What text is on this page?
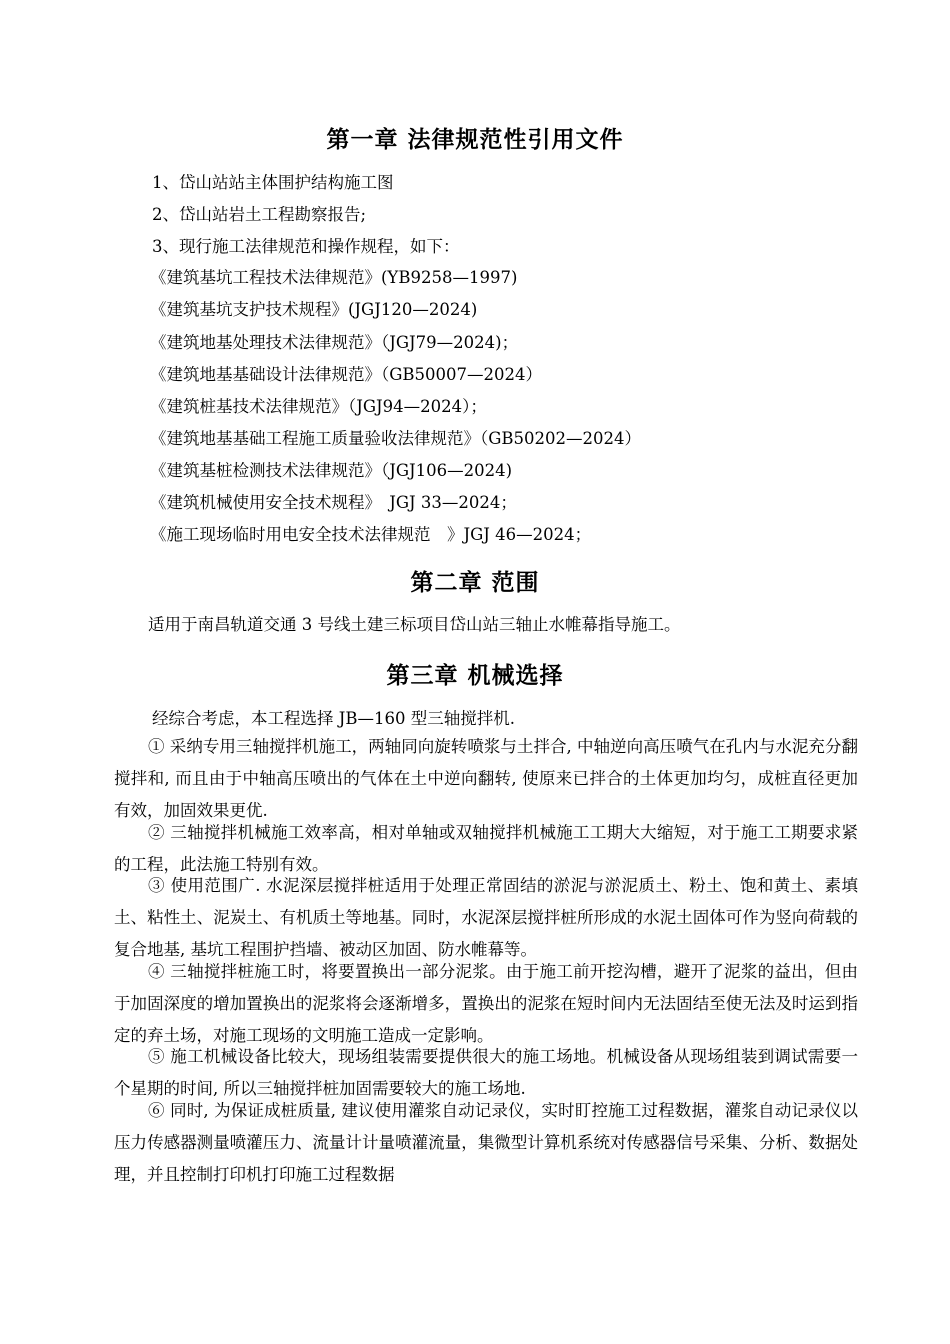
第一章 法律规范性引用文件
1、岱山站站主体围护结构施工图
2、岱山站岩土工程勘察报告;
3、现行施工法律规范和操作规程，如下：
《建筑基坑工程技术法律规范》(YB9258—1997)
《建筑基坑支护技术规程》(JGJ120—2024)
《建筑地基处理技术法律规范》（JGJ79—2024)；
《建筑地基基础设计法律规范》（GB50007—2024）
《建筑桩基技术法律规范》（JGJ94—2024）；
《建筑地基基础工程施工质量验收法律规范》（GB50202—2024）
《建筑基桩检测技术法律规范》（JGJ106—2024)
《建筑机械使用安全技术规程》　JGJ 33—2024；
《施工现场临时用电安全技术法律规范　》JGJ 46—2024；
第二章 范围
适用于南昌轨道交通 3 号线土建三标项目岱山站三轴止水帷幕指导施工。
第三章 机械选择
经综合考虑，本工程选择 JB—160 型三轴搅拌机.
① 采纳专用三轴搅拌机施工，两轴同向旋转喷浆与土拌合, 中轴逆向高压喷气在孔内与水泥充分翻搅拌和, 而且由于中轴高压喷出的气体在土中逆向翻转, 使原来已拌合的土体更加均匀，成桩直径更加有效，加固效果更优.
② 三轴搅拌机械施工效率高，相对单轴或双轴搅拌机械施工工期大大缩短，对于施工工期要求紧的工程，此法施工特别有效。
③ 使用范围广. 水泥深层搅拌桩适用于处理正常固结的淤泥与淤泥质土、粉土、饱和黄土、素填土、粘性土、泥炭土、有机质土等地基。同时，水泥深层搅拌桩所形成的水泥土固体可作为竖向荷载的复合地基, 基坑工程围护挡墙、被动区加固、防水帷幕等。
④ 三轴搅拌桩施工时，将要置换出一部分泥浆。由于施工前开挖沟槽，避开了泥浆的益出，但由于加固深度的增加置换出的泥浆将会逐渐增多，置换出的泥浆在短时间内无法固结至使无法及时运到指定的弃土场，对施工现场的文明施工造成一定影响。
⑤ 施工机械设备比较大，现场组装需要提供很大的施工场地。机械设备从现场组装到调试需要一个星期的时间, 所以三轴搅拌桩加固需要较大的施工场地.
⑥ 同时, 为保证成桩质量, 建议使用灌浆自动记录仪，实时盯控施工过程数据，灌浆自动记录仪以压力传感器测量喷灌压力、流量计计量喷灌流量，集微型计算机系统对传感器信号采集、分析、数据处理，并且控制打印机打印施工过程数据
